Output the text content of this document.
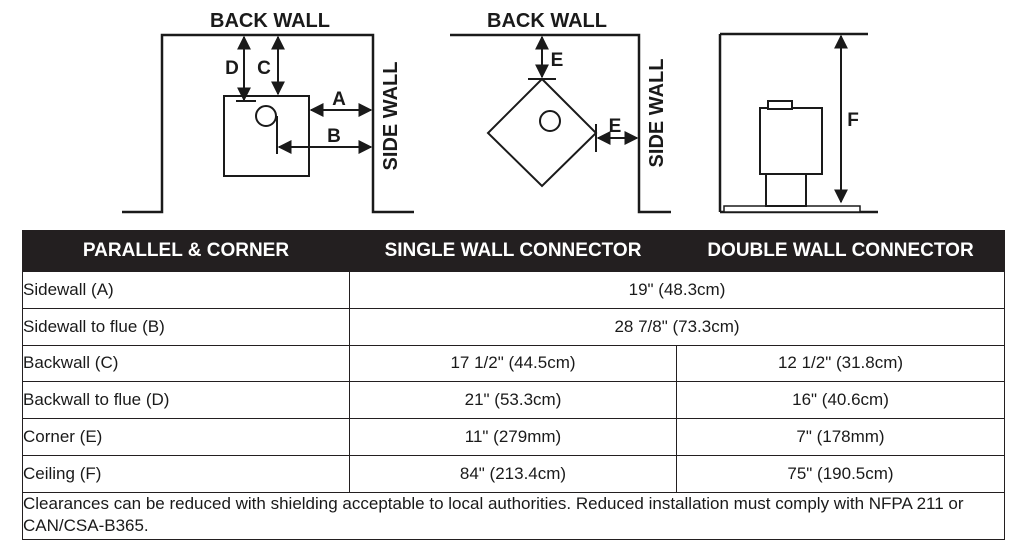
BACK WALL
SIDE WALL
D C
A
B
BACK WALL
SIDE WALL
E
E	F
PARALLEL & CORNER	SINGLE WALL CONNECTOR	DOUBLE WALL CONNECTOR
Sidewall (A)	19" (48.3cm)	
Sidewall to flue (B)	28 7/8" (73.3cm)	
Backwall (C)	17 1/2" (44.5cm)	12 1/2" (31.8cm)
Backwall to flue (D)	21" (53.3cm)	16" (40.6cm)
Corner (E)	11" (279mm)	7" (178mm)
Ceiling (F)	84" (213.4cm)	75" (190.5cm)
Clearances can be reduced with shielding acceptable to local authorities. Reduced installation must comply with NFPA 211 or CAN/CSA-B365.		
